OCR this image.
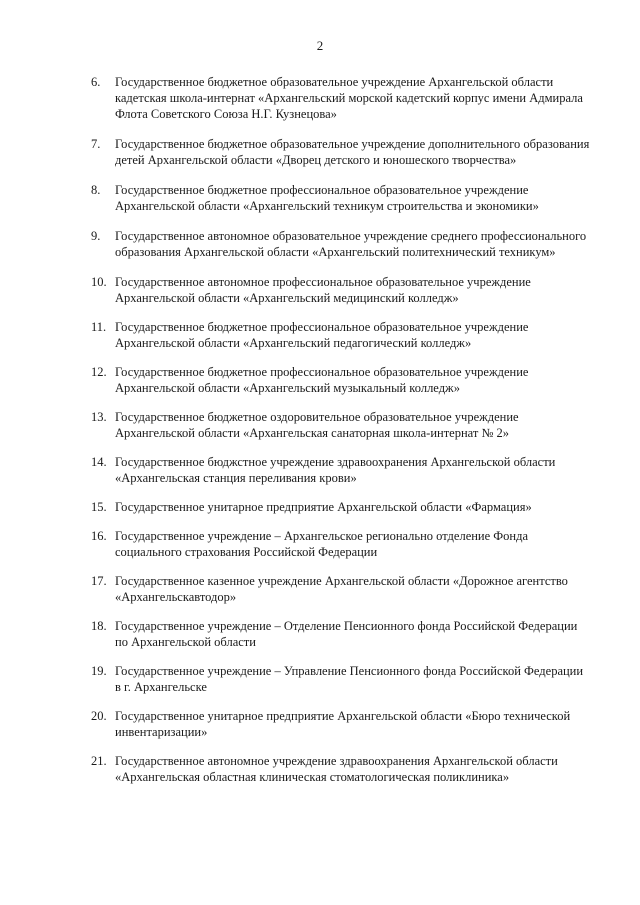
2
6.	Государственное бюджетное образовательное учреждение Архангельской области кадетская школа-интернат «Архангельский морской кадетский корпус имени Адмирала Флота Советского Союза Н.Г. Кузнецова»
7.	Государственное бюджетное образовательное учреждение дополнительного образования детей Архангельской области «Дворец детского и юношеского творчества»
8.	Государственное бюджетное профессиональное образовательное учреждение Архангельской области «Архангельский техникум строительства и экономики»
9.	Государственное автономное образовательное учреждение среднего профессионального образования Архангельской области «Архангельский политехнический техникум»
10. Государственное автономное профессиональное образовательное учреждение Архангельской области «Архангельский медицинский колледж»
11. Государственное бюджетное профессиональное образовательное учреждение Архангельской области «Архангельский педагогический колледж»
12. Государственное бюджетное профессиональное образовательное учреждение Архангельской области «Архангельский музыкальный колледж»
13. Государственное бюджетное оздоровительное образовательное учреждение Архангельской области «Архангельская санаторная школа-интернат № 2»
14. Государственное бюджстное учреждение здравоохранения Архангельской области «Архангельская станция переливания крови»
15. Государственное унитарное предприятие Архангельской области «Фармация»
16. Государственное учреждение – Архангельское регионально отделение Фонда социального страхования Российской Федерации
17. Государственное казенное учреждение Архангельской области «Дорожное агентство «Архангельскавтодор»
18. Государственное учреждение – Отделение Пенсионного фонда Российской Федерации по Архангельской области
19. Государственное учреждение – Управление Пенсионного фонда Российской Федерации в г. Архангельске
20. Государственное унитарное предприятие Архангельской области «Бюро технической инвентаризации»
21. Государственное автономное учреждение здравоохранения Архангельской области «Архангельская областная клиническая стоматологическая поликлиника»
